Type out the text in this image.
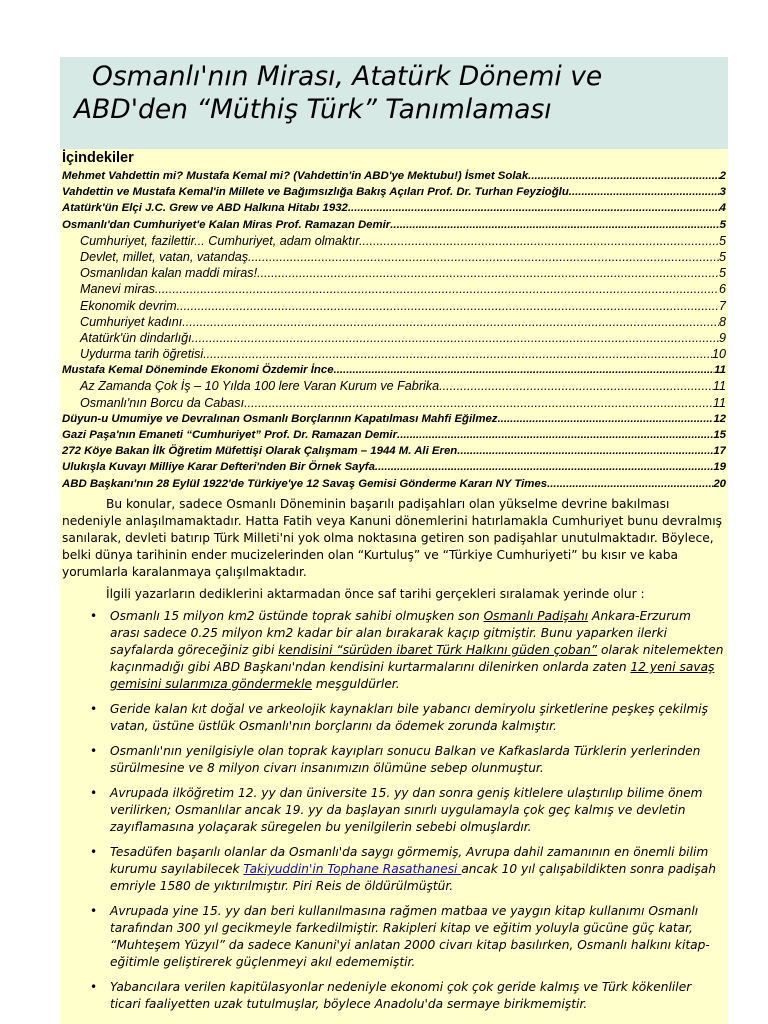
Osmanlı'nın Mirası, Atatürk Dönemi ve
ABD'den “Müthiş Türk” Tanımlaması
İçindekiler
Mehmet Vahdettin mi? Mustafa Kemal mi? (Vahdettin'in ABD'ye Mektubu!) İsmet Solak .....	2
Vahdettin ve Mustafa Kemal'in Millete ve Bağımsızlığa Bakış Açıları Prof. Dr. Turhan Feyzioğlu .....	3
Atatürk'ün Elçi J.C. Grew ve ABD Halkına Hitabı 1932 .....	4
Osmanlı'dan Cumhuriyet'e Kalan Miras Prof. Ramazan Demir .....	5
Cumhuriyet, fazilettir... Cumhuriyet, adam olmaktır. .....	5
Devlet, millet, vatan, vatandaş .....	5
Osmanlıdan kalan maddi miras! .....	5
Manevi miras .....	6
Ekonomik devrim .....	7
Cumhuriyet kadını .....	8
Atatürk'ün dindarlığı .....	9
Uydurma tarih öğretisi .....	10
Mustafa Kemal Döneminde Ekonomi Özdemir İnce .....	11
Az Zamanda Çok İş – 10 Yılda 100 lere Varan Kurum ve Fabrika .....	11
Osmanlı'nın Borcu da Cabası .....	11
Düyun-u Umumiye ve Devralınan Osmanlı Borçlarının Kapatılması Mahfi Eğilmez .....	12
Gazi Paşa'nın Emaneti “Cumhuriyet” Prof. Dr. Ramazan Demir .....	15
272 Köye Bakan İlk Öğretim Müfettişi Olarak Çalışmam – 1944 M. Ali Eren .....	17
Ulukışla Kuvayı Milliye Karar Defteri'nden Bir Örnek Sayfa .....	19
ABD Başkanı'nın 28 Eylül 1922'de Türkiye'ye 12 Savaş Gemisi Gönderme Kararı NY Times .....	20

Bu konular, sadece Osmanlı Döneminin başarılı padişahları olan yükselme devrine bakılması nedeniyle anlaşılmamaktadır. Hatta Fatih veya Kanuni dönemlerini hatırlamakla Cumhuriyet bunu devralmış sanılarak, devleti batırıp Türk Milleti'ni yok olma noktasına getiren son padişahlar unutulmaktadır. Böylece, belki dünya tarihinin ender mucizelerinden olan “Kurtuluş” ve “Türkiye Cumhuriyeti” bu kısır ve kaba yorumlarla karalanmaya çalışılmaktadır.

İlgili yazarların dediklerini aktarmadan önce saf tarihi gerçekleri sıralamak yerinde olur :

• Osmanlı 15 milyon km2 üstünde toprak sahibi olmuşken son Osmanlı Padişahı Ankara-Erzurum arası sadece 0.25 milyon km2 kadar bir alan bırakarak kaçıp gitmiştir. Bunu yaparken ilerki sayfalarda göreceğiniz gibi kendisini “sürüden ibaret Türk Halkını güden çoban” olarak nitelemekten kaçınmadığı gibi ABD Başkanı'ndan kendisini kurtarmalarını dilenirken onlarda zaten 12 yeni savaş gemisini sularımıza göndermekle meşguldürler.
• Geride kalan kıt doğal ve arkeolojik kaynakları bile yabancı demiryolu şirketlerine peşkeş çekilmiş vatan, üstüne üstlük Osmanlı'nın borçlarını da ödemek zorunda kalmıştır.
• Osmanlı'nın yenilgisiyle olan toprak kayıpları sonucu Balkan ve Kafkaslarda Türklerin yerlerinden sürülmesine ve 8 milyon civarı insanımızın ölümüne sebep olunmuştur.
• Avrupada ilköğretim 12. yy dan üniversite 15. yy dan sonra geniş kitlelere ulaştırılıp bilime önem verilirken; Osmanlılar ancak 19. yy da başlayan sınırlı uygulamayla çok geç kalmış ve devletin zayıflamasına yolaçarak süregelen bu yenilgilerin sebebi olmuşlardır.
• Tesadüfen başarılı olanlar da Osmanlı'da saygı görmemiş, Avrupa dahil zamanının en önemli bilim kurumu sayılabilecek Takiyuddin'in Tophane Rasathanesi ancak 10 yıl çalışabildikten sonra padişah emriyle 1580 de yıktırılmıştır. Piri Reis de öldürülmüştür.
• Avrupada yine 15. yy dan beri kullanılmasına rağmen matbaa ve yaygın kitap kullanımı Osmanlı tarafından 300 yıl gecikmeyle farkedilmiştir. Rakipleri kitap ve eğitim yoluyla gücüne güç katar, “Muhteşem Yüzyıl” da sadece Kanuni'yi anlatan 2000 civarı kitap basılırken, Osmanlı halkını kitap-eğitimle geliştirerek güçlenmeyi akıl edememiştir.
• Yabancılara verilen kapitülasyonlar nedeniyle ekonomi çok çok geride kalmış ve Türk kökenliler ticari faaliyetten uzak tutulmuşlar, böylece Anadolu'da sermaye birikmemiştir.
